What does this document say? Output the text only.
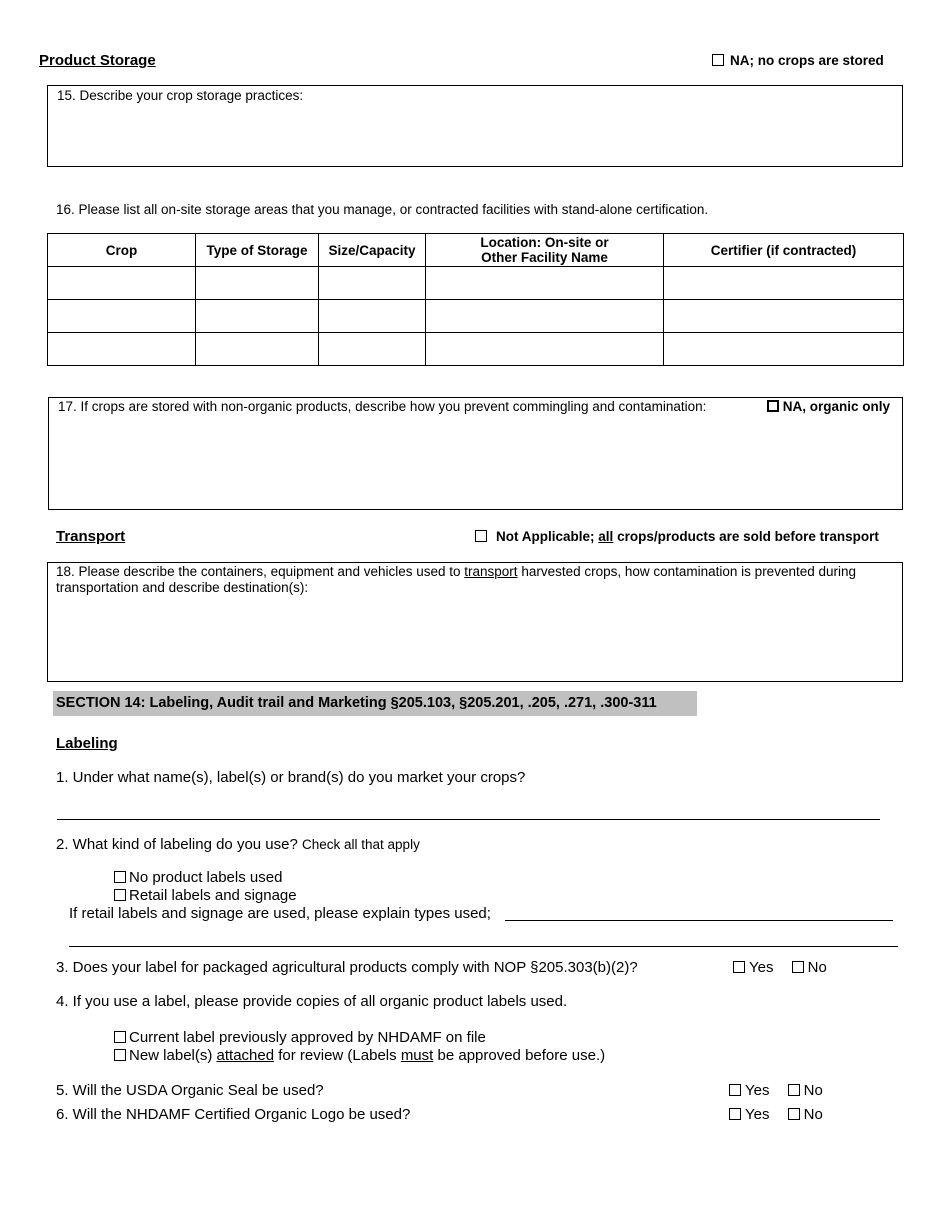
Product Storage	NA; no crops are stored
15. Describe your crop storage practices:
16. Please list all on-site storage areas that you manage, or contracted facilities with stand-alone certification.
Crop	Type of Storage	Size/Capacity	Location: On-site or Other Facility Name	Certifier (if contracted)

17. If crops are stored with non-organic products, describe how you prevent commingling and contamination:	NA, organic only
Transport	Not Applicable; all crops/products are sold before transport
18. Please describe the containers, equipment and vehicles used to transport harvested crops, how contamination is prevented during transportation and describe destination(s):
SECTION 14: Labeling, Audit trail and Marketing §205.103, §205.201, .205, .271, .300-311
Labeling
1. Under what name(s), label(s) or brand(s) do you market your crops?
2. What kind of labeling do you use? Check all that apply
No product labels used
Retail labels and signage
If retail labels and signage are used, please explain types used;
3. Does your label for packaged agricultural products comply with NOP §205.303(b)(2)?	Yes No
4. If you use a label, please provide copies of all organic product labels used.
Current label previously approved by NHDAMF on file
New label(s) attached for review (Labels must be approved before use.)
5. Will the USDA Organic Seal be used?	Yes No
6. Will the NHDAMF Certified Organic Logo be used?	Yes No
